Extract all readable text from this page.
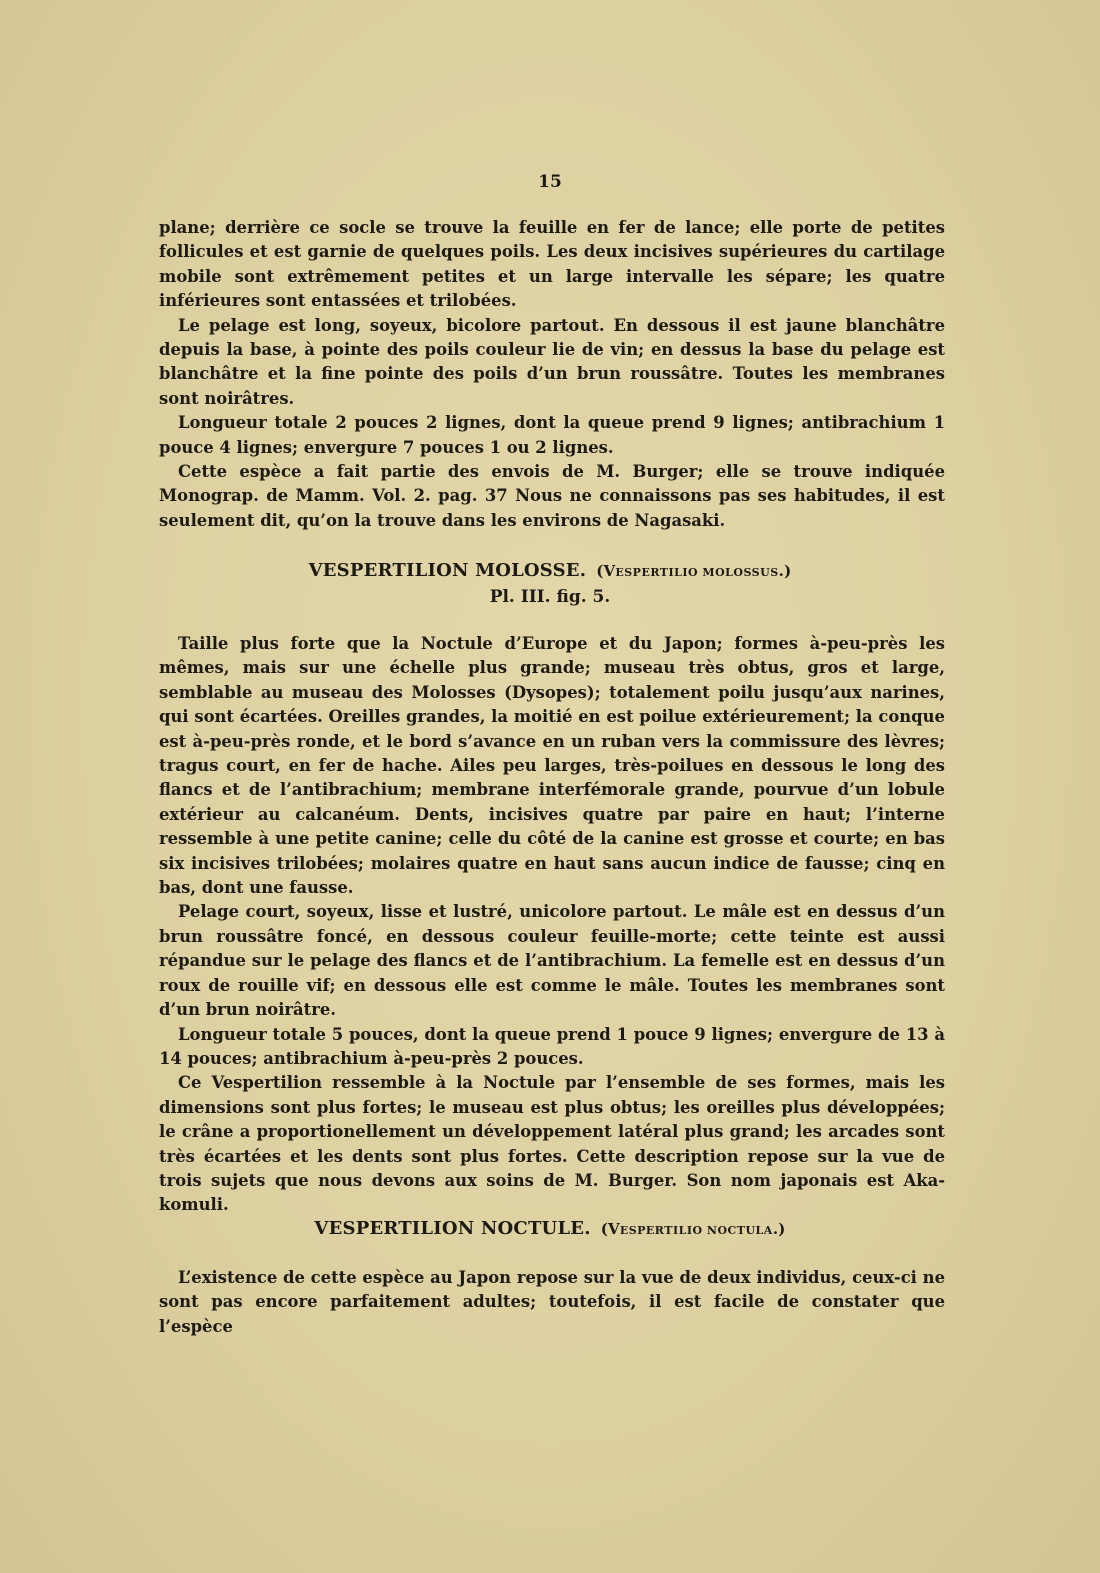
15

plane; derrière ce socle se trouve la feuille en fer de lance; elle porte de petites follicules et est garnie de quelques poils. Les deux incisives supérieures du cartilage mobile sont extrêmement petites et un large intervalle les sépare; les quatre inférieures sont entassées et trilobées.

Le pelage est long, soyeux, bicolore partout. En dessous il est jaune blanchâtre depuis la base, à pointe des poils couleur lie de vin; en dessus la base du pelage est blanchâtre et la fine pointe des poils d’un brun roussâtre. Toutes les membranes sont noirâtres.

Longueur totale 2 pouces 2 lignes, dont la queue prend 9 lignes; antibrachium 1 pouce 4 lignes; envergure 7 pouces 1 ou 2 lignes.

Cette espèce a fait partie des envois de M. Burger; elle se trouve indiquée Monograp. de Mamm. Vol. 2. pag. 37 Nous ne connaissons pas ses habitudes, il est seulement dit, qu’on la trouve dans les environs de Nagasaki.

VESPERTILION MOLOSSE. (VESPERTILIO MOLOSSUS.)
Pl. III. fig. 5.

Taille plus forte que la Noctule d’Europe et du Japon; formes à-peu-près les mêmes, mais sur une échelle plus grande; museau très obtus, gros et large, semblable au museau des Molosses (Dysopes); totalement poilu jusqu’aux narines, qui sont écartées. Oreilles grandes, la moitié en est poilue extérieurement; la conque est à-peu-près ronde, et le bord s’avance en un ruban vers la commissure des lèvres; tragus court, en fer de hache. Ailes peu larges, très-poilues en dessous le long des flancs et de l’antibrachium; membrane interfémorale grande, pourvue d’un lobule extérieur au calcanéum. Dents, incisives quatre par paire en haut; l’interne ressemble à une petite canine; celle du côté de la canine est grosse et courte; en bas six incisives trilobées; molaires quatre en haut sans aucun indice de fausse; cinq en bas, dont une fausse.

Pelage court, soyeux, lisse et lustré, unicolore partout. Le mâle est en dessus d’un brun roussâtre foncé, en dessous couleur feuille-morte; cette teinte est aussi répandue sur le pelage des flancs et de l’antibrachium. La femelle est en dessus d’un roux de rouille vif; en dessous elle est comme le mâle. Toutes les membranes sont d’un brun noirâtre.

Longueur totale 5 pouces, dont la queue prend 1 pouce 9 lignes; envergure de 13 à 14 pouces; antibrachium à-peu-près 2 pouces.

Ce Vespertilion ressemble à la Noctule par l’ensemble de ses formes, mais les dimensions sont plus fortes; le museau est plus obtus; les oreilles plus développées; le crâne a proportionellement un développement latéral plus grand; les arcades sont très écartées et les dents sont plus fortes. Cette description repose sur la vue de trois sujets que nous devons aux soins de M. Burger. Son nom japonais est Aka-komuli.

VESPERTILION NOCTULE. (VESPERTILIO NOCTULA.)

L’existence de cette espèce au Japon repose sur la vue de deux individus, ceux-ci ne sont pas encore parfaitement adultes; toutefois, il est facile de constater que l’espèce
